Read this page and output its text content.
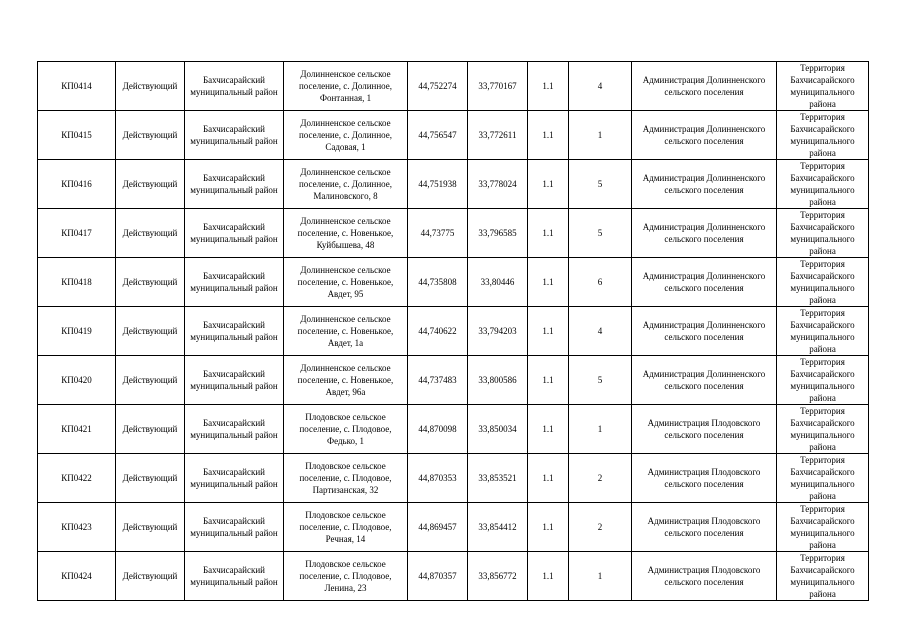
КП0414	Действующий	Бахчисарайский муниципальный район	Долинненское сельское поселение, с. Долинное, Фонтанная, 1	44,752274	33,770167	1.1	4	Администрация Долинненского сельского поселения	Территория Бахчисарайского муниципального района
КП0415	Действующий	Бахчисарайский муниципальный район	Долинненское сельское поселение, с. Долинное, Садовая, 1	44,756547	33,772611	1.1	1	Администрация Долинненского сельского поселения	Территория Бахчисарайского муниципального района
КП0416	Действующий	Бахчисарайский муниципальный район	Долинненское сельское поселение, с. Долинное, Малиновского, 8	44,751938	33,778024	1.1	5	Администрация Долинненского сельского поселения	Территория Бахчисарайского муниципального района
КП0417	Действующий	Бахчисарайский муниципальный район	Долинненское сельское поселение, с. Новенькое, Куйбышева, 48	44,73775	33,796585	1.1	5	Администрация Долинненского сельского поселения	Территория Бахчисарайского муниципального района
КП0418	Действующий	Бахчисарайский муниципальный район	Долинненское сельское поселение, с. Новенькое, Авдет, 95	44,735808	33,80446	1.1	6	Администрация Долинненского сельского поселения	Территория Бахчисарайского муниципального района
КП0419	Действующий	Бахчисарайский муниципальный район	Долинненское сельское поселение, с. Новенькое, Авдет, 1а	44,740622	33,794203	1.1	4	Администрация Долинненского сельского поселения	Территория Бахчисарайского муниципального района
КП0420	Действующий	Бахчисарайский муниципальный район	Долинненское сельское поселение, с. Новенькое, Авдет, 96а	44,737483	33,800586	1.1	5	Администрация Долинненского сельского поселения	Территория Бахчисарайского муниципального района
КП0421	Действующий	Бахчисарайский муниципальный район	Плодовское сельское поселение, с. Плодовое, Федько, 1	44,870098	33,850034	1.1	1	Администрация Плодовского сельского поселения	Территория Бахчисарайского муниципального района
КП0422	Действующий	Бахчисарайский муниципальный район	Плодовское сельское поселение, с. Плодовое, Партизанская, 32	44,870353	33,853521	1.1	2	Администрация Плодовского сельского поселения	Территория Бахчисарайского муниципального района
КП0423	Действующий	Бахчисарайский муниципальный район	Плодовское сельское поселение, с. Плодовое, Речная, 14	44,869457	33,854412	1.1	2	Администрация Плодовского сельского поселения	Территория Бахчисарайского муниципального района
КП0424	Действующий	Бахчисарайский муниципальный район	Плодовское сельское поселение, с. Плодовое, Ленина, 23	44,870357	33,856772	1.1	1	Администрация Плодовского сельского поселения	Территория Бахчисарайского муниципального района
